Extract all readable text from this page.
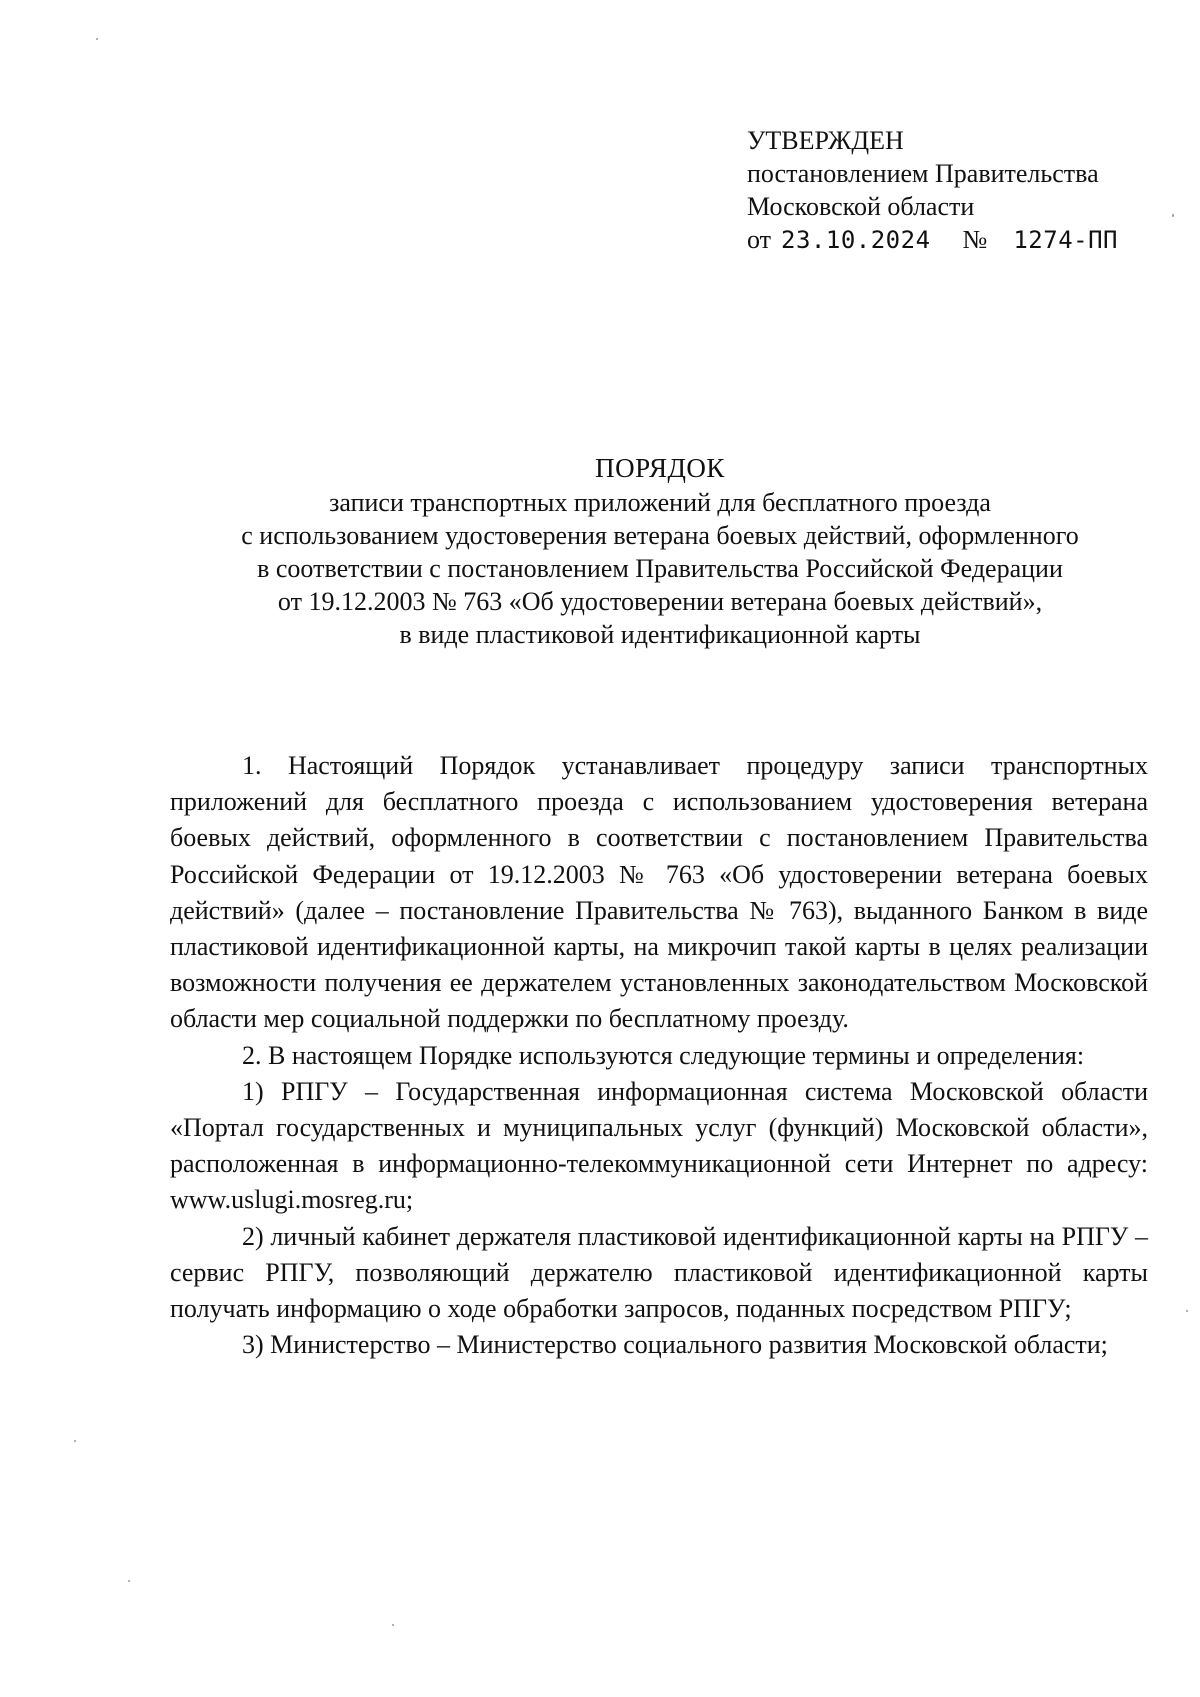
УТВЕРЖДЕН
постановлением Правительства
Московской области
от 23.10.2024 № 1274-ПП
ПОРЯДОК
записи транспортных приложений для бесплатного проезда
с использованием удостоверения ветерана боевых действий, оформленного
в соответствии с постановлением Правительства Российской Федерации
от 19.12.2003 № 763 «Об удостоверении ветерана боевых действий»,
в виде пластиковой идентификационной карты

1. Настоящий Порядок устанавливает процедуру записи транспортных приложений для бесплатного проезда с использованием удостоверения ветерана боевых действий, оформленного в соответствии с постановлением Правительства Российской Федерации от 19.12.2003 № 763 «Об удостоверении ветерана боевых действий» (далее – постановление Правительства № 763), выданного Банком в виде пластиковой идентификационной карты, на микрочип такой карты в целях реализации возможности получения ее держателем установленных законодательством Московской области мер социальной поддержки по бесплатному проезду.

2. В настоящем Порядке используются следующие термины и определения:

1) РПГУ – Государственная информационная система Московской области «Портал государственных и муниципальных услуг (функций) Московской области», расположенная в информационно-телекоммуникационной сети Интернет по адресу: www.uslugi.mosreg.ru;

2) личный кабинет держателя пластиковой идентификационной карты на РПГУ – сервис РПГУ, позволяющий держателю пластиковой идентификационной карты получать информацию о ходе обработки запросов, поданных посредством РПГУ;

3) Министерство – Министерство социального развития Московской области;
